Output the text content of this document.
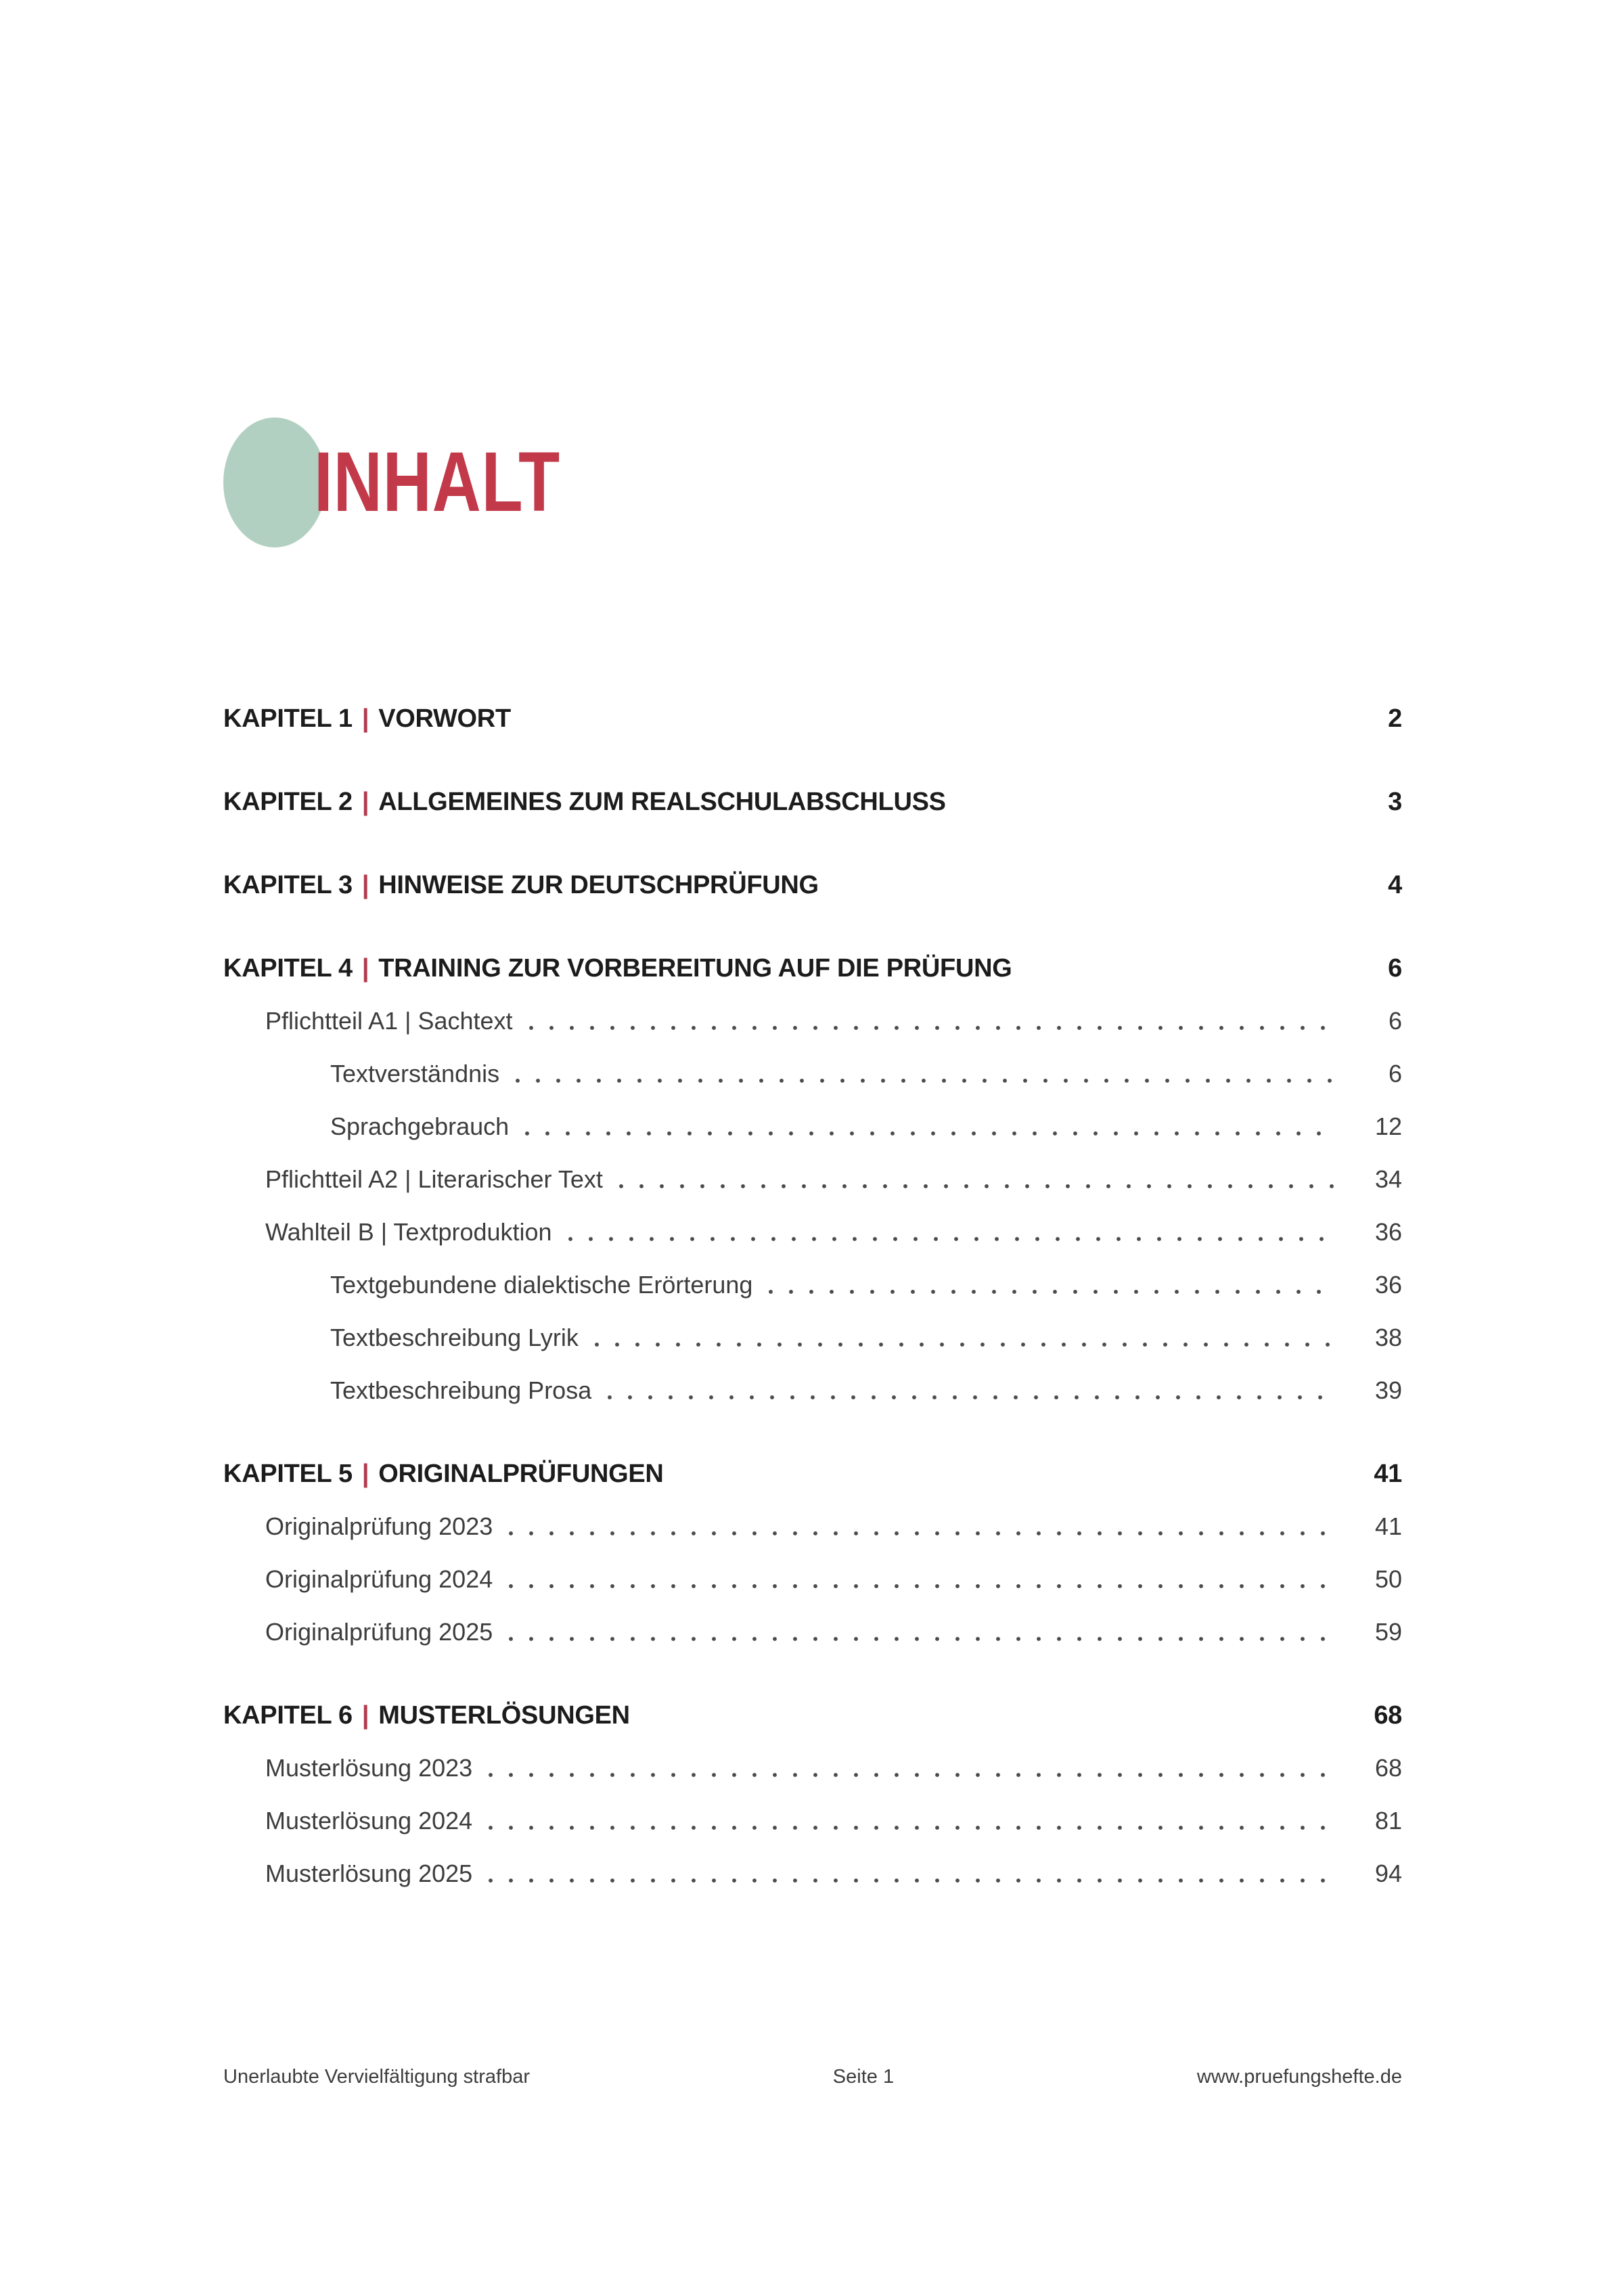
INHALT
KAPITEL 1 | VORWORT	2
KAPITEL 2 | ALLGEMEINES ZUM REALSCHULABSCHLUSS	3
KAPITEL 3 | HINWEISE ZUR DEUTSCHPRÜFUNG	4
KAPITEL 4 | TRAINING ZUR VORBEREITUNG AUF DIE PRÜFUNG	6
Pflichtteil A1 | Sachtext	6
Textverständnis	6
Sprachgebrauch	12
Pflichtteil A2 | Literarischer Text	34
Wahlteil B | Textproduktion	36
Textgebundene dialektische Erörterung	36
Textbeschreibung Lyrik	38
Textbeschreibung Prosa	39
KAPITEL 5 | ORIGINALPRÜFUNGEN	41
Originalprüfung 2023	41
Originalprüfung 2024	50
Originalprüfung 2025	59
KAPITEL 6 | MUSTERLÖSUNGEN	68
Musterlösung 2023	68
Musterlösung 2024	81
Musterlösung 2025	94
Unerlaubte Vervielfältigung strafbar	Seite 1	www.pruefungshefte.de
